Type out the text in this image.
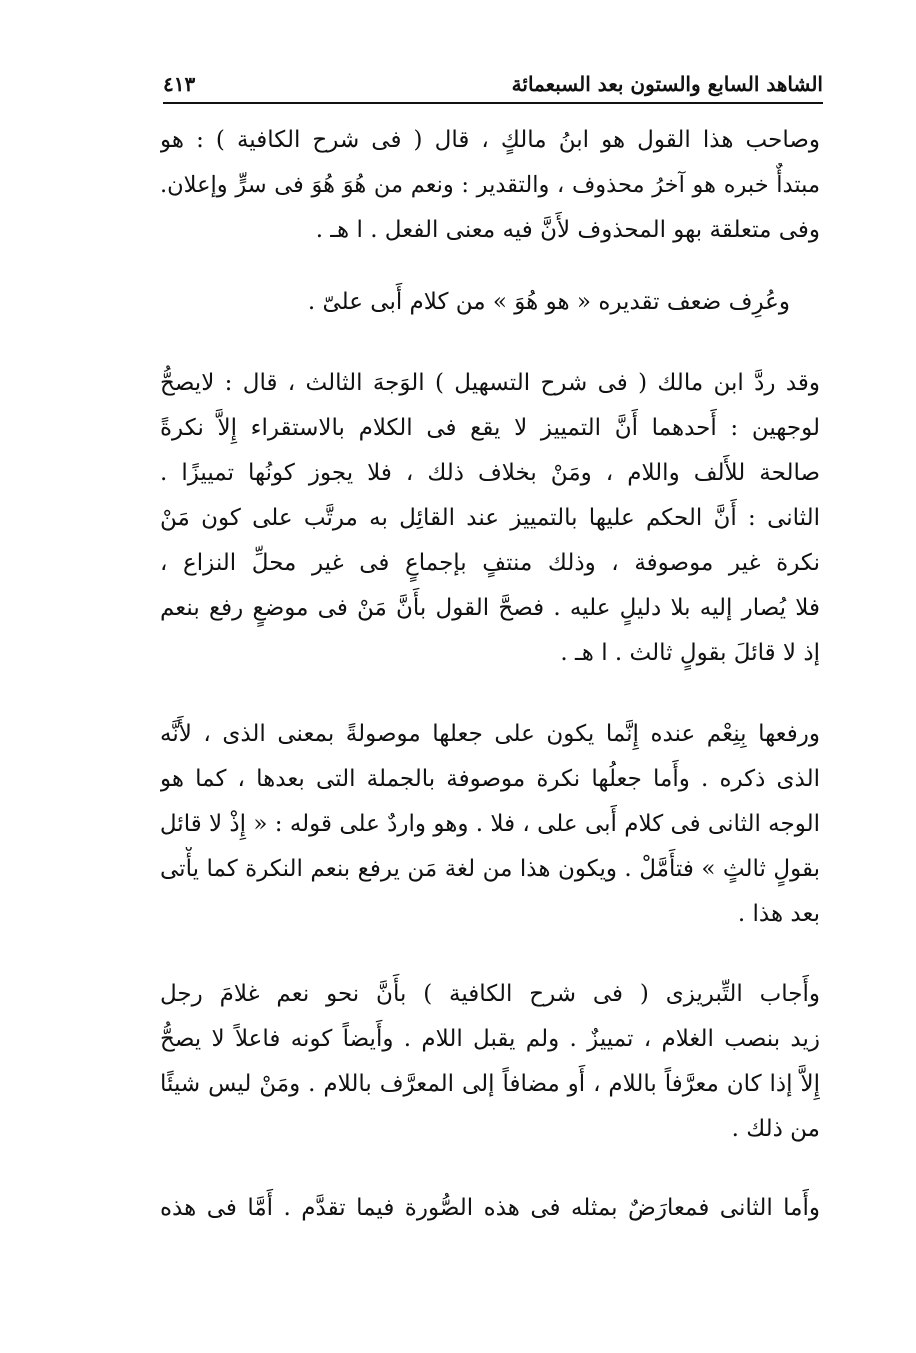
الشاهد السابع والستون بعد السبعمائة
٤١٣
وصاحب هذا القول هو ابنُ مالكٍ ، قال ( فى شرح الكافية ) : هو
مبتدأٌ خبره هو آخرُ محذوف ، والتقدير : ونعم من هُوَ هُوَ فى سرٍّ وإعلان.
وفى متعلقة بهو المحذوف لأَنَّ فيه معنى الفعل . ا هـ .
وعُرِف ضعف تقديره « هو هُوَ » من كلام أَبى علىّ .
وقد ردَّ ابن مالك ( فى شرح التسهيل ) الوَجهَ الثالث ، قال : لايصحُّ
لوجهين : أَحدهما أَنَّ التمييز لا يقع فى الكلام بالاستقراء إِلاَّ نكرةً
صالحة للأَلف واللام ، ومَنْ بخلاف ذلك ، فلا يجوز كونُها تمييزًا .
الثانى : أَنَّ الحكم عليها بالتمييز عند القائِل به مرتَّب على كون مَنْ
نكرة غير موصوفة ، وذلك منتفٍ بإجماعٍ فى غير محلِّ النزاع ،
فلا يُصار إليه بلا دليلٍ عليه . فصحَّ القول بأَنَّ مَنْ فى موضعٍ رفع بنعم
إذ لا قائلَ بقولٍ ثالث . ا هـ .
ورفعها بِنِعْم عنده إِنَّما يكون على جعلها موصولةً بمعنى الذى ، لأَنَّه
الذى ذكره . وأَما جعلُها نكرة موصوفة بالجملة التى بعدها ، كما هو
الوجه الثانى فى كلام أَبى على ، فلا . وهو واردٌ على قوله : « إِذْ لا قائل
بقولٍ ثالثٍ » فتأَمَّلْ . ويكون هذا من لغة مَن يرفع بنعم النكرة كما يأْتى
بعد هذا .
وأَجاب التِّبريزى ( فى شرح الكافية ) بأَنَّ نحو نعم غلامَ رجل
زيد بنصب الغلام ، تمييزٌ . ولم يقبل اللام . وأَيضاً كونه فاعلاً لا يصحُّ
إِلاَّ إذا كان معرَّفاً باللام ، أَو مضافاً إلى المعرَّف باللام . ومَنْ ليس شيئًا
من ذلك .
وأَما الثانى فمعارَضٌ بمثله فى هذه الصُّورة فيما تقدَّم . أَمَّا فى هذه
